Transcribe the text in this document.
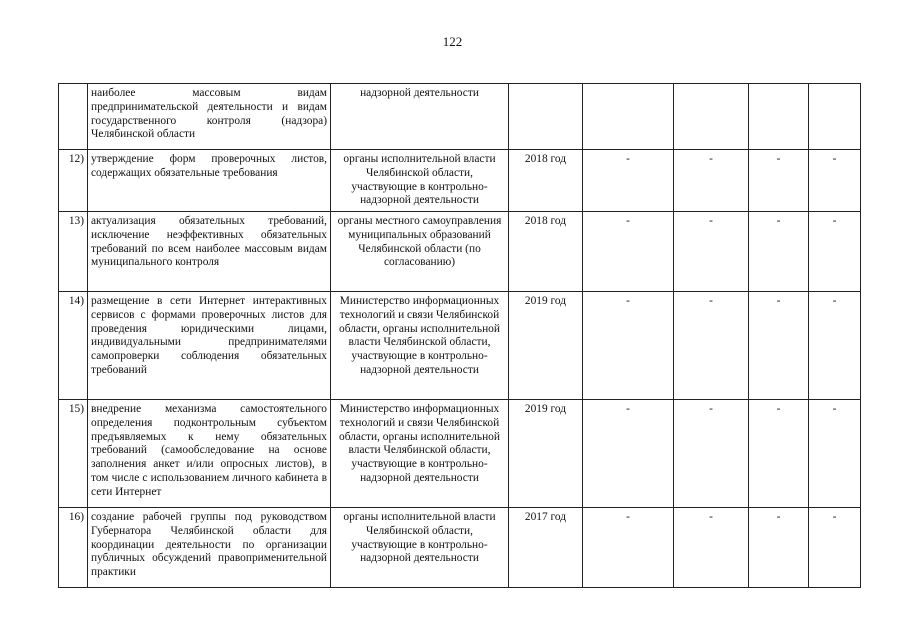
122
	наиболее массовым видам предпринимательской деятельности и видам государственного контроля (надзора) Челябинской области	надзорной деятельности					
12)	утверждение форм проверочных листов, содержащих обязательные требования	органы исполнительной власти Челябинской области, участвующие в контрольно-надзорной деятельности	2018 год	-	-	-	-
13)	актуализация обязательных требований, исключение неэффективных обязательных требований по всем наиболее массовым видам муниципального контроля	органы местного самоуправления муниципальных образований Челябинской области (по согласованию)	2018 год	-	-	-	-
14)	размещение в сети Интернет интерактивных сервисов с формами проверочных листов для проведения юридическими лицами, индивидуальными предпринимателями самопроверки соблюдения обязательных требований	Министерство информационных технологий и связи Челябинской области, органы исполнительной власти Челябинской области, участвующие в контрольно-надзорной деятельности	2019 год	-	-	-	-
15)	внедрение механизма самостоятельного определения подконтрольным субъектом предъявляемых к нему обязательных требований (самообследование на основе заполнения анкет и/или опросных листов), в том числе с использованием личного кабинета в сети Интернет	Министерство информационных технологий и связи Челябинской области, органы исполнительной власти Челябинской области, участвующие в контрольно-надзорной деятельности	2019 год	-	-	-	-
16)	создание рабочей группы под руководством Губернатора Челябинской области для координации деятельности по организации публичных обсуждений правоприменительной практики	органы исполнительной власти Челябинской области, участвующие в контрольно-надзорной деятельности	2017 год	-	-	-	-
